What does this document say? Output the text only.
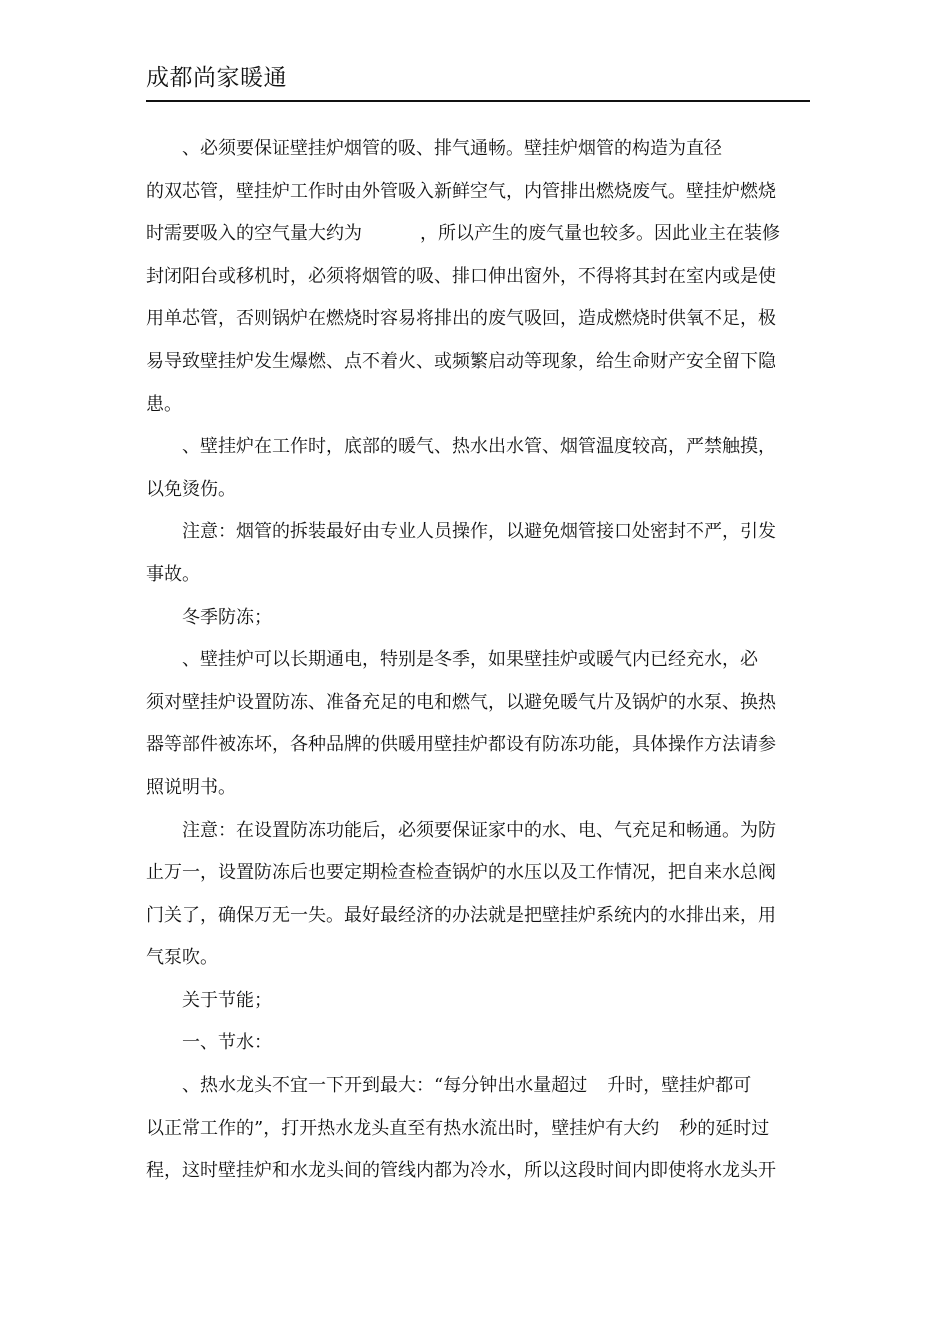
成都尚家暖通

、必须要保证壁挂炉烟管的吸、排气通畅。壁挂炉烟管的构造为直径
的双芯管，壁挂炉工作时由外管吸入新鲜空气，内管排出燃烧废气。壁挂炉燃烧
时需要吸入的空气量大约为	，所以产生的废气量也较多。因此业主在装修
封闭阳台或移机时，必须将烟管的吸、排口伸出窗外，不得将其封在室内或是使
用单芯管，否则锅炉在燃烧时容易将排出的废气吸回，造成燃烧时供氧不足，极
易导致壁挂炉发生爆燃、点不着火、或频繁启动等现象，给生命财产安全留下隐
患。

、壁挂炉在工作时，底部的暖气、热水出水管、烟管温度较高，严禁触摸，
以免烫伤。

注意：烟管的拆装最好由专业人员操作，以避免烟管接口处密封不严，引发
事故。

冬季防冻；

、壁挂炉可以长期通电，特别是冬季，如果壁挂炉或暖气内已经充水，必
须对壁挂炉设置防冻、准备充足的电和燃气，以避免暖气片及锅炉的水泵、换热
器等部件被冻坏，各种品牌的供暖用壁挂炉都设有防冻功能，具体操作方法请参
照说明书。

注意：在设置防冻功能后，必须要保证家中的水、电、气充足和畅通。为防
止万一，设置防冻后也要定期检查检查锅炉的水压以及工作情况，把自来水总阀
门关了，确保万无一失。最好最经济的办法就是把壁挂炉系统内的水排出来，用
气泵吹。

关于节能；

一、节水：

、热水龙头不宜一下开到最大：“每分钟出水量超过 升时，壁挂炉都可
以正常工作的”，打开热水龙头直至有热水流出时，壁挂炉有大约 秒的延时过
程，这时壁挂炉和水龙头间的管线内都为冷水，所以这段时间内即使将水龙头开
